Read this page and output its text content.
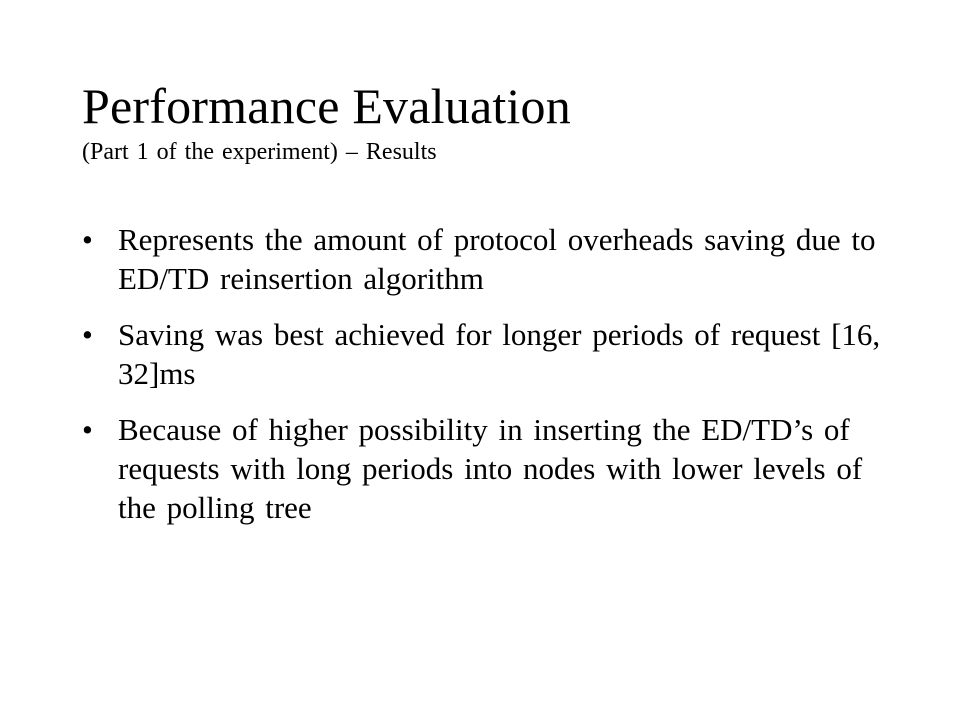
Performance Evaluation
(Part 1 of the experiment) – Results
• Represents the amount of protocol overheads saving due to ED/TD reinsertion algorithm
• Saving was best achieved for longer periods of request [16, 32]ms
• Because of higher possibility in inserting the ED/TD’s of requests with long periods into nodes with lower levels of the polling tree
